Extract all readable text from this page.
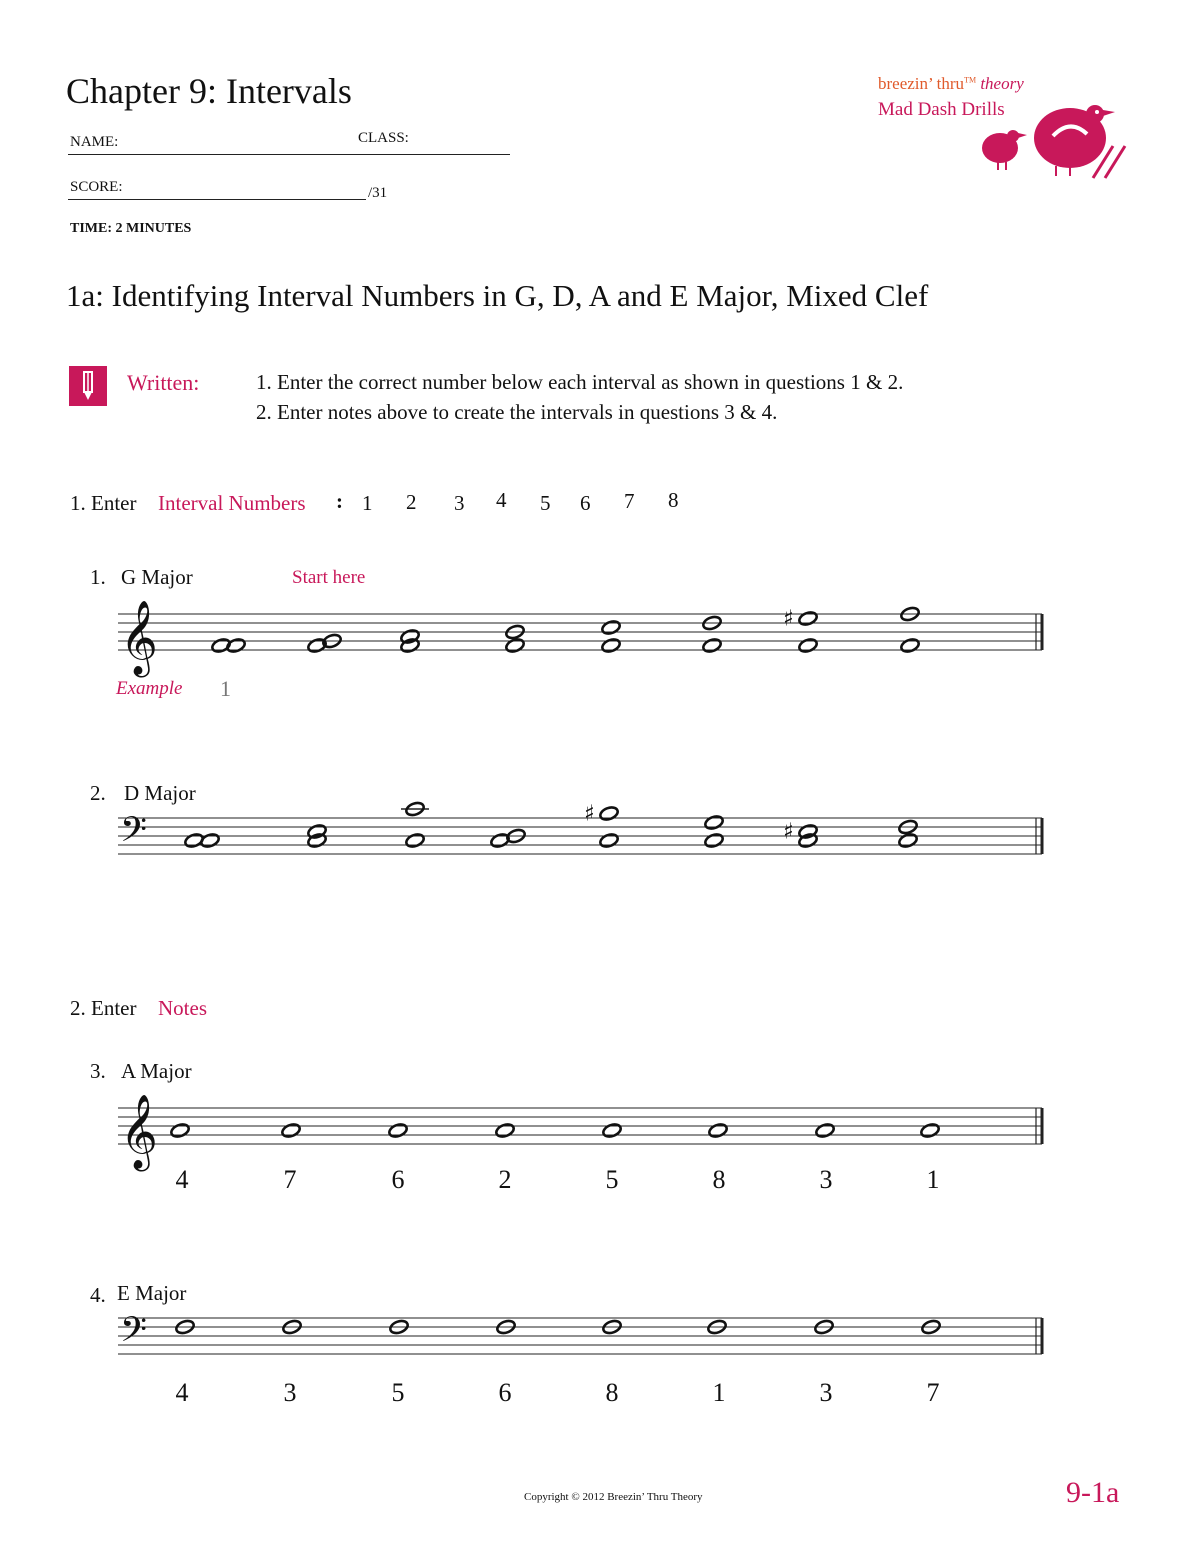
Chapter 9: Intervals
NAME:	CLASS:
SCORE:	/31
TIME: 2 MINUTES
breezin’ thru™ theory
Mad Dash Drills
1a: Identifying Interval Numbers in G, D, A and E Major, Mixed Clef
Written:	1. Enter the correct number below each interval as shown in questions 1 & 2.
2. Enter notes above to create the intervals in questions 3 & 4.
1. Enter Interval Numbers : 1 2 3 4 5 6 7 8
1. G Major	Start here
𝄞	♯
Example 1
2. D Major
𝄢	♯
♯
2. Enter Notes
3. A Major
𝄞
4	7	6	2	5	8	3	1
4. E Major
𝄢
4	3	5	6	8	1	3	7
Copyright © 2012 Breezin’ Thru Theory	9-1a
